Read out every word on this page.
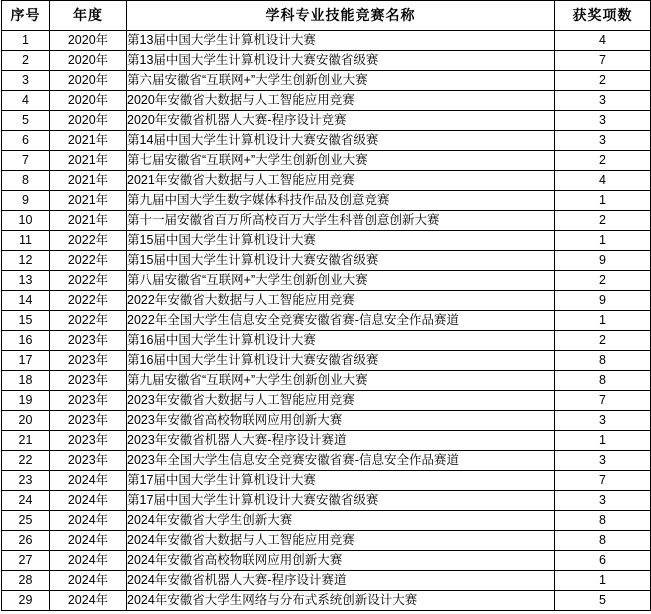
序号	年度	学科专业技能竞赛名称	获奖项数
1	2020年	第13届中国大学生计算机设计大赛	4
2	2020年	第13届中国大学生计算机设计大赛安徽省级赛	7
3	2020年	第六届安徽省“互联网+”大学生创新创业大赛	2
4	2020年	2020年安徽省大数据与人工智能应用竞赛	3
5	2020年	2020年安徽省机器人大赛-程序设计竞赛	3
6	2021年	第14届中国大学生计算机设计大赛安徽省级赛	3
7	2021年	第七届安徽省“互联网+”大学生创新创业大赛	2
8	2021年	2021年安徽省大数据与人工智能应用竞赛	4
9	2021年	第九届中国大学生数字媒体科技作品及创意竞赛	1
10	2021年	第十一届安徽省百万所高校百万大学生科普创意创新大赛	2
11	2022年	第15届中国大学生计算机设计大赛	1
12	2022年	第15届中国大学生计算机设计大赛安徽省级赛	9
13	2022年	第八届安徽省“互联网+”大学生创新创业大赛	2
14	2022年	2022年安徽省大数据与人工智能应用竞赛	9
15	2022年	2022年全国大学生信息安全竞赛安徽省赛-信息安全作品赛道	1
16	2023年	第16届中国大学生计算机设计大赛	2
17	2023年	第16届中国大学生计算机设计大赛安徽省级赛	8
18	2023年	第九届安徽省“互联网+”大学生创新创业大赛	8
19	2023年	2023年安徽省大数据与人工智能应用竞赛	7
20	2023年	2023年安徽省高校物联网应用创新大赛	3
21	2023年	2023年安徽省机器人大赛-程序设计赛道	1
22	2023年	2023年全国大学生信息安全竞赛安徽省赛-信息安全作品赛道	3
23	2024年	第17届中国大学生计算机设计大赛	7
24	2024年	第17届中国大学生计算机设计大赛安徽省级赛	3
25	2024年	2024年安徽省大学生创新大赛	8
26	2024年	2024年安徽省大数据与人工智能应用竞赛	8
27	2024年	2024年安徽省高校物联网应用创新大赛	6
28	2024年	2024年安徽省机器人大赛-程序设计赛道	1
29	2024年	2024年安徽省大学生网络与分布式系统创新设计大赛	5
